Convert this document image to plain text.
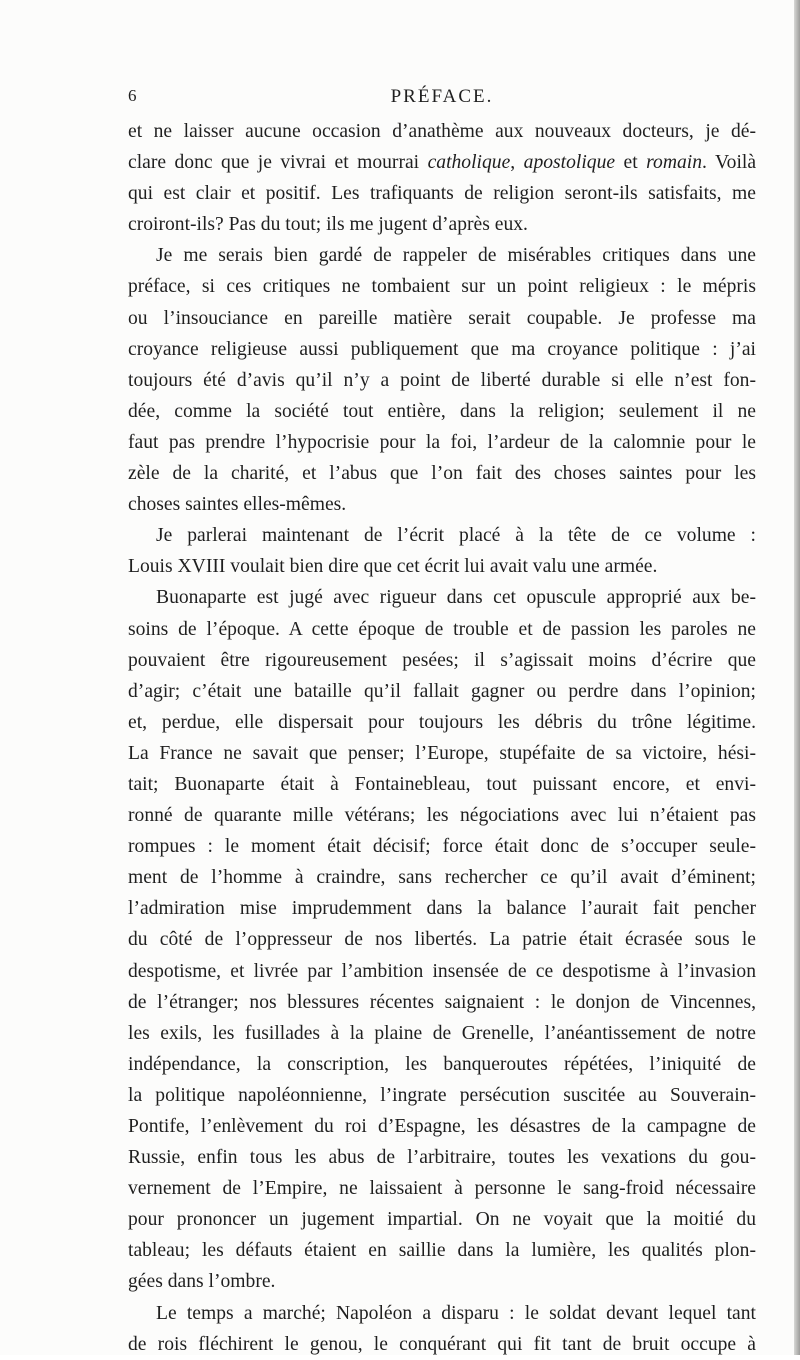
6	PRÉFACE.
et ne laisser aucune occasion d’anathème aux nouveaux docteurs, je dé-
clare donc que je vivrai et mourrai catholique, apostolique et romain. Voilà
qui est clair et positif. Les trafiquants de religion seront-ils satisfaits, me
croiront-ils? Pas du tout; ils me jugent d’après eux.
Je me serais bien gardé de rappeler de misérables critiques dans une
préface, si ces critiques ne tombaient sur un point religieux : le mépris
ou l’insouciance en pareille matière serait coupable. Je professe ma
croyance religieuse aussi publiquement que ma croyance politique : j’ai
toujours été d’avis qu’il n’y a point de liberté durable si elle n’est fon-
dée, comme la société tout entière, dans la religion; seulement il ne
faut pas prendre l’hypocrisie pour la foi, l’ardeur de la calomnie pour le
zèle de la charité, et l’abus que l’on fait des choses saintes pour les
choses saintes elles-mêmes.
Je parlerai maintenant de l’écrit placé à la tête de ce volume :
Louis XVIII voulait bien dire que cet écrit lui avait valu une armée.
Buonaparte est jugé avec rigueur dans cet opuscule approprié aux be-
soins de l’époque. A cette époque de trouble et de passion les paroles ne
pouvaient être rigoureusement pesées; il s’agissait moins d’écrire que
d’agir; c’était une bataille qu’il fallait gagner ou perdre dans l’opinion;
et, perdue, elle dispersait pour toujours les débris du trône légitime.
La France ne savait que penser; l’Europe, stupéfaite de sa victoire, hési-
tait; Buonaparte était à Fontainebleau, tout puissant encore, et envi-
ronné de quarante mille vétérans; les négociations avec lui n’étaient pas
rompues : le moment était décisif; force était donc de s’occuper seule-
ment de l’homme à craindre, sans rechercher ce qu’il avait d’éminent;
l’admiration mise imprudemment dans la balance l’aurait fait pencher
du côté de l’oppresseur de nos libertés. La patrie était écrasée sous le
despotisme, et livrée par l’ambition insensée de ce despotisme à l’invasion
de l’étranger; nos blessures récentes saignaient : le donjon de Vincennes,
les exils, les fusillades à la plaine de Grenelle, l’anéantissement de notre
indépendance, la conscription, les banqueroutes répétées, l’iniquité de
la politique napoléonnienne, l’ingrate persécution suscitée au Souverain-
Pontife, l’enlèvement du roi d’Espagne, les désastres de la campagne de
Russie, enfin tous les abus de l’arbitraire, toutes les vexations du gou-
vernement de l’Empire, ne laissaient à personne le sang-froid nécessaire
pour prononcer un jugement impartial. On ne voyait que la moitié du
tableau; les défauts étaient en saillie dans la lumière, les qualités plon-
gées dans l’ombre.
Le temps a marché; Napoléon a disparu : le soldat devant lequel tant
de rois fléchirent le genou, le conquérant qui fit tant de bruit occupe à
